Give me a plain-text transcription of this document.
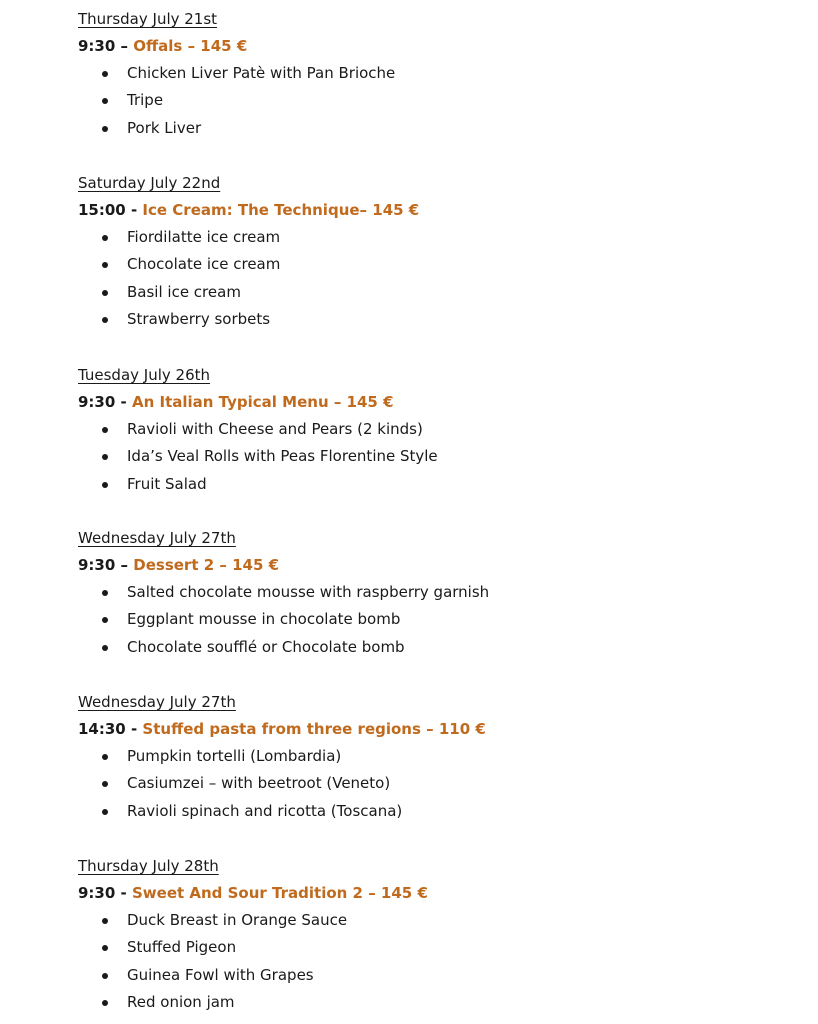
Thursday July 21st
9:30 – Offals – 145 €
Chicken Liver Patè with Pan Brioche
Tripe
Pork Liver
Saturday July 22nd
15:00 - Ice Cream: The Technique– 145 €
Fiordilatte ice cream
Chocolate ice cream
Basil ice cream
Strawberry sorbets
Tuesday July 26th
9:30 - An Italian Typical Menu – 145 €
Ravioli with Cheese and Pears (2 kinds)
Ida’s Veal Rolls with Peas Florentine Style
Fruit Salad
Wednesday July 27th
9:30 – Dessert 2 – 145 €
Salted chocolate mousse with raspberry garnish
Eggplant mousse in chocolate bomb
Chocolate soufflé or Chocolate bomb
Wednesday July 27th
14:30 - Stuffed pasta from three regions – 110 €
Pumpkin tortelli (Lombardia)
Casiumzei – with beetroot (Veneto)
Ravioli spinach and ricotta (Toscana)
Thursday July 28th
9:30 - Sweet And Sour Tradition 2 – 145 €
Duck Breast in Orange Sauce
Stuffed Pigeon
Guinea Fowl with Grapes
Red onion jam
